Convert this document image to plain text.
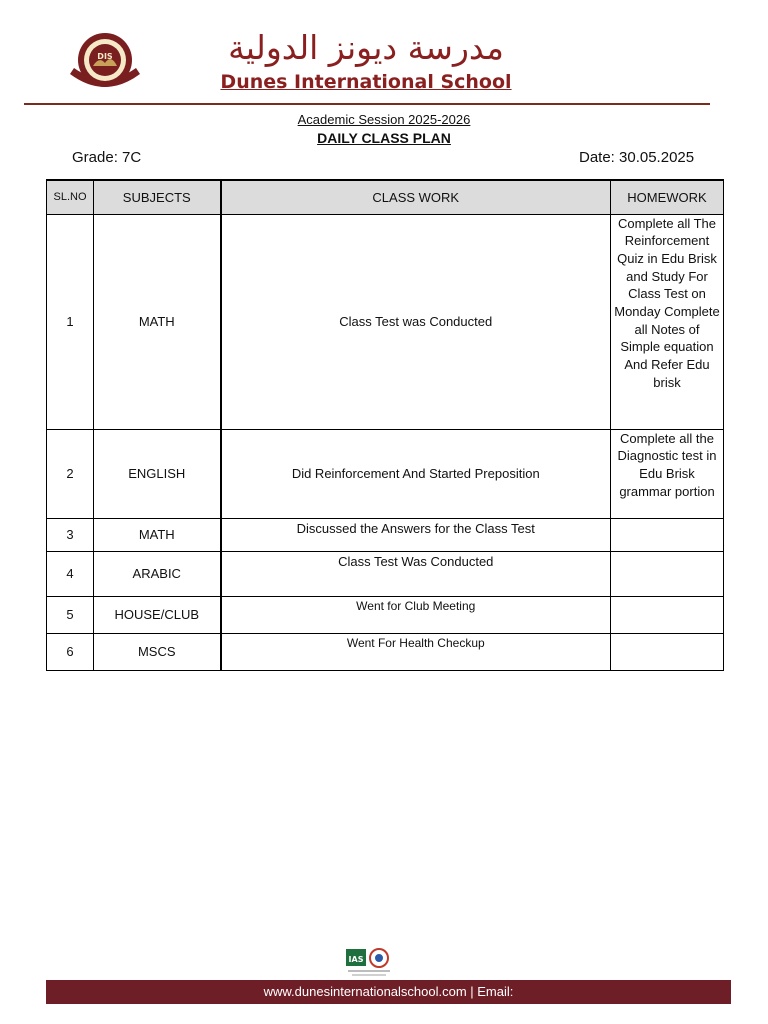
DIS
INNOVATE AND EXCEL
مدرسة ديونز الدولية
Dunes International School
Academic Session 2025-2026
DAILY CLASS PLAN
Grade: 7C	Date: 30.05.2025
SL.NO	SUBJECTS	CLASS WORK	HOMEWORK
1	MATH	Class Test was Conducted	Complete all The Reinforcement Quiz in Edu Brisk and Study For Class Test on Monday Complete all Notes of Simple equation And Refer Edu brisk
2	ENGLISH	Did Reinforcement And Started Preposition	Complete all the Diagnostic test in Edu Brisk grammar portion
3	MATH	Discussed the Answers for the Class Test	
4	ARABIC	Class Test Was Conducted	
5	HOUSE/CLUB	Went for Club Meeting	
6	MSCS	Went For Health Checkup	
IAS
www.dunesinternationalschool.com | Email:
